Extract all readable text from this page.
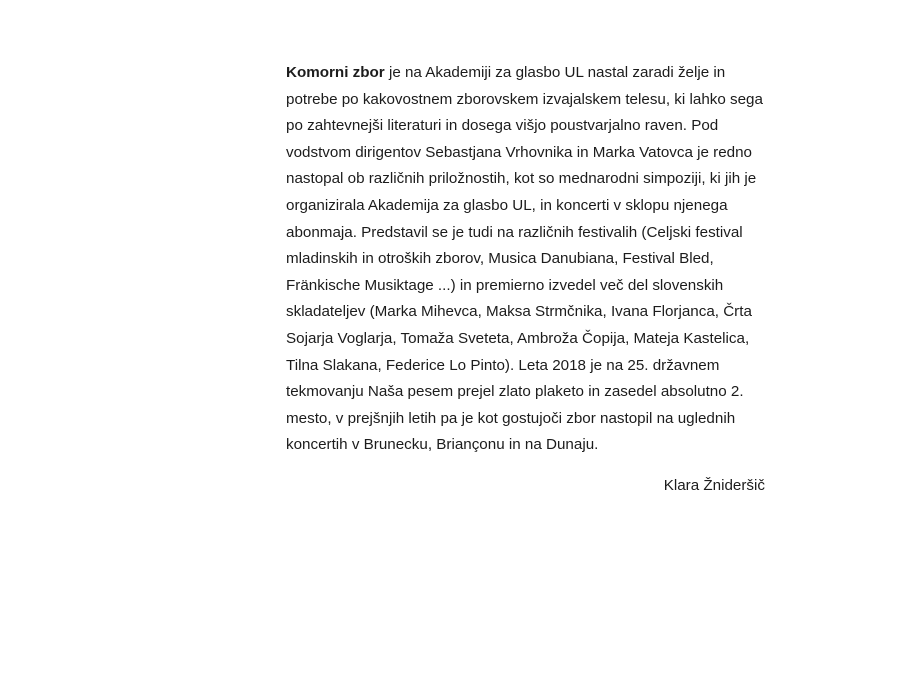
Komorni zbor je na Akademiji za glasbo UL nastal zaradi želje in potrebe po kakovostnem zborovskem izvajalskem telesu, ki lahko sega po zahtevnejši literaturi in dosega višjo poustvarjalno raven. Pod vodstvom dirigentov Sebastjana Vrhovnika in Marka Vatovca je redno nastopal ob različnih priložnostih, kot so mednarodni simpoziji, ki jih je organizirala Akademija za glasbo UL, in koncerti v sklopu njenega abonmaja. Predstavil se je tudi na različnih festivalih (Celjski festival mladinskih in otroških zborov, Musica Danubiana, Festival Bled, Fränkische Musiktage ...) in premierno izvedel več del slovenskih skladateljev (Marka Mihevca, Maksa Strmčnika, Ivana Florjanca, Črta Sojarja Voglarja, Tomaža Sveteta, Ambroža Čopija, Mateja Kastelica, Tilna Slakana, Federice Lo Pinto). Leta 2018 je na 25. državnem tekmovanju Naša pesem prejel zlato plaketo in zasedel absolutno 2. mesto, v prejšnjih letih pa je kot gostujoči zbor nastopil na uglednih koncertih v Brunecku, Briançonu in na Dunaju.

Klara Žnideršič
